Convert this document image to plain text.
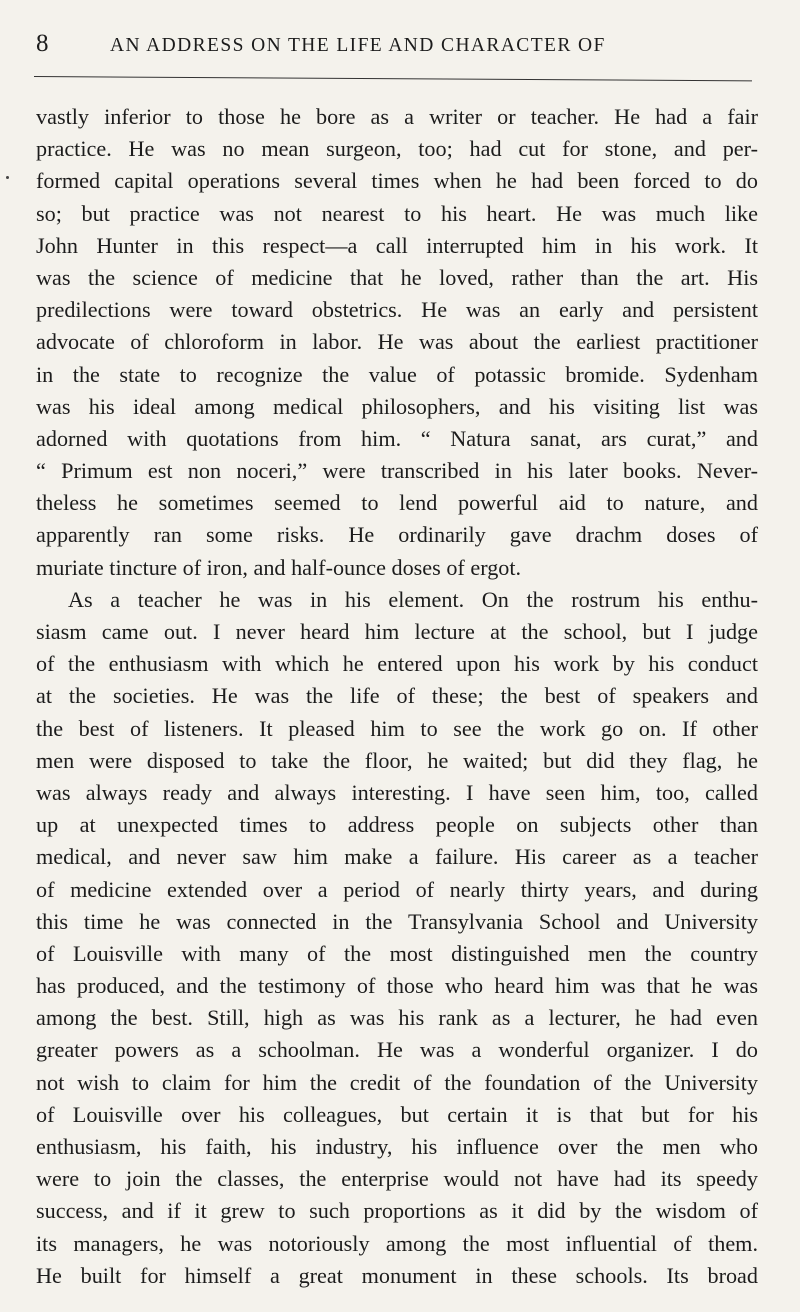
8	AN ADDRESS ON THE LIFE AND CHARACTER OF
vastly inferior to those he bore as a writer or teacher. He had a fair
practice. He was no mean surgeon, too; had cut for stone, and per-
formed capital operations several times when he had been forced to do
so; but practice was not nearest to his heart. He was much like
John Hunter in this respect—a call interrupted him in his work. It
was the science of medicine that he loved, rather than the art. His
predilections were toward obstetrics. He was an early and persistent
advocate of chloroform in labor. He was about the earliest practitioner
in the state to recognize the value of potassic bromide. Sydenham
was his ideal among medical philosophers, and his visiting list was
adorned with quotations from him. “ Natura sanat, ars curat,” and
“ Primum est non noceri,” were transcribed in his later books. Never-
theless he sometimes seemed to lend powerful aid to nature, and
apparently ran some risks. He ordinarily gave drachm doses of
muriate tincture of iron, and half-ounce doses of ergot.
As a teacher he was in his element. On the rostrum his enthu-
siasm came out. I never heard him lecture at the school, but I judge
of the enthusiasm with which he entered upon his work by his conduct
at the societies. He was the life of these; the best of speakers and
the best of listeners. It pleased him to see the work go on. If other
men were disposed to take the floor, he waited; but did they flag, he
was always ready and always interesting. I have seen him, too, called
up at unexpected times to address people on subjects other than
medical, and never saw him make a failure. His career as a teacher
of medicine extended over a period of nearly thirty years, and during
this time he was connected in the Transylvania School and University
of Louisville with many of the most distinguished men the country
has produced, and the testimony of those who heard him was that he was
among the best. Still, high as was his rank as a lecturer, he had even
greater powers as a schoolman. He was a wonderful organizer. I do
not wish to claim for him the credit of the foundation of the University
of Louisville over his colleagues, but certain it is that but for his
enthusiasm, his faith, his industry, his influence over the men who
were to join the classes, the enterprise would not have had its speedy
success, and if it grew to such proportions as it did by the wisdom of
its managers, he was notoriously among the most influential of them.
He built for himself a great monument in these schools. Its broad
